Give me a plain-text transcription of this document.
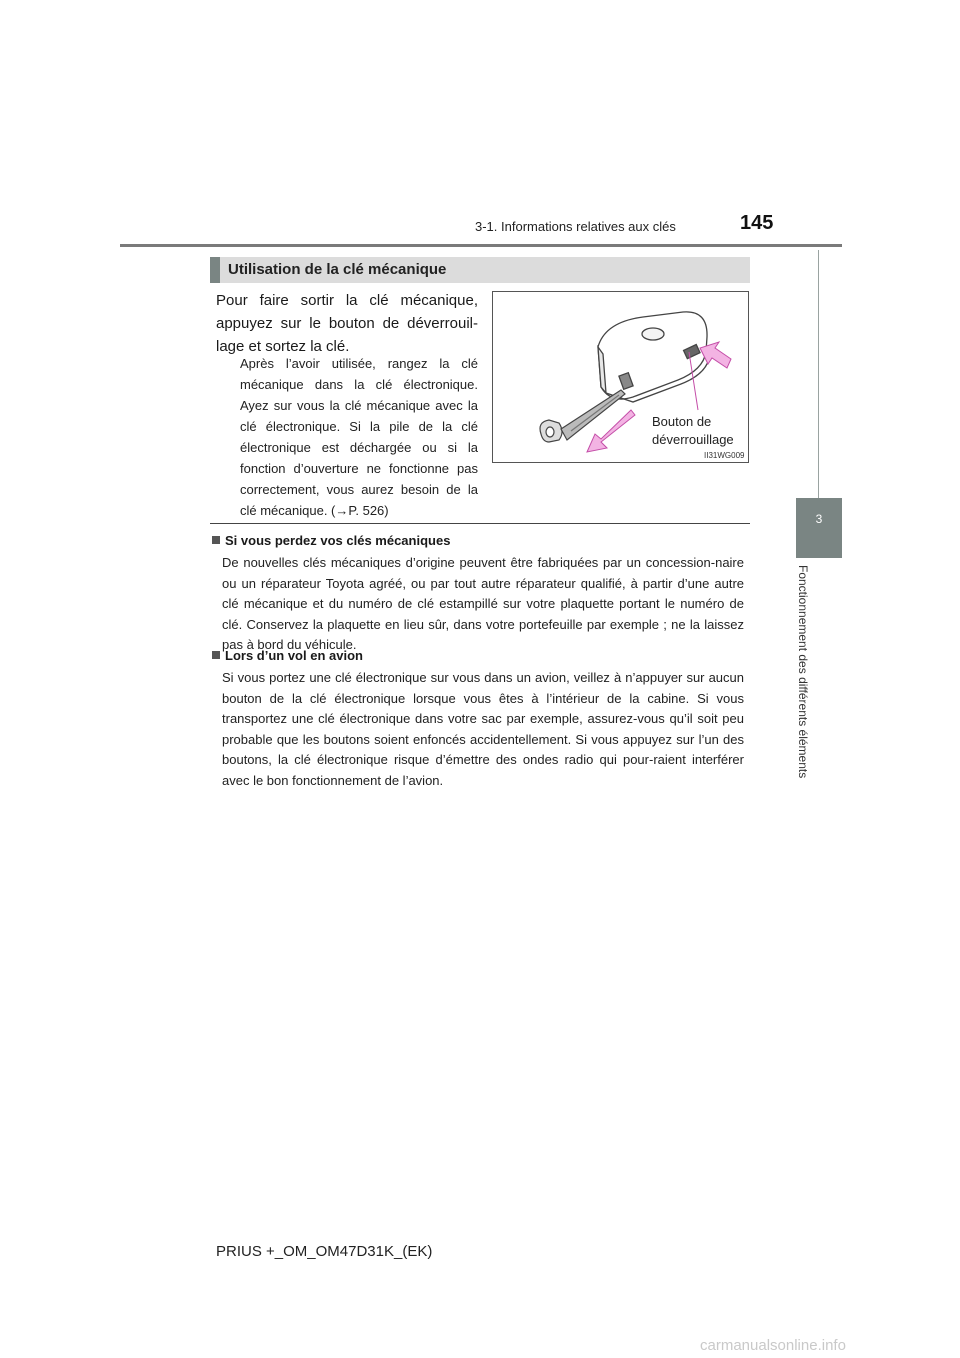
3-1. Informations relatives aux clés	145
3
Fonctionnement des différents éléments
Utilisation de la clé mécanique
Pour faire sortir la clé mécanique, appuyez sur le bouton de déverrouil-lage et sortez la clé.
Après l’avoir utilisée, rangez la clé mécanique dans la clé électronique. Ayez sur vous la clé mécanique avec la clé électronique. Si la pile de la clé électronique est déchargée ou si la fonction d’ouverture ne fonctionne pas correctement, vous aurez besoin de la clé mécanique. (→P. 526)
Bouton de
déverrouillage
II31WG009
Si vous perdez vos clés mécaniques
De nouvelles clés mécaniques d’origine peuvent être fabriquées par un concession-naire ou un réparateur Toyota agréé, ou par tout autre réparateur qualifié, à partir d’une autre clé mécanique et du numéro de clé estampillé sur votre plaquette portant le numéro de clé. Conservez la plaquette en lieu sûr, dans votre portefeuille par exemple ; ne la laissez pas à bord du véhicule.
Lors d’un vol en avion
Si vous portez une clé électronique sur vous dans un avion, veillez à n’appuyer sur aucun bouton de la clé électronique lorsque vous êtes à l’intérieur de la cabine. Si vous transportez une clé électronique dans votre sac par exemple, assurez-vous qu’il soit peu probable que les boutons soient enfoncés accidentellement. Si vous appuyez sur l’un des boutons, la clé électronique risque d’émettre des ondes radio qui pour-raient interférer avec le bon fonctionnement de l’avion.
PRIUS +_OM_OM47D31K_(EK)
carmanualsonline.info
